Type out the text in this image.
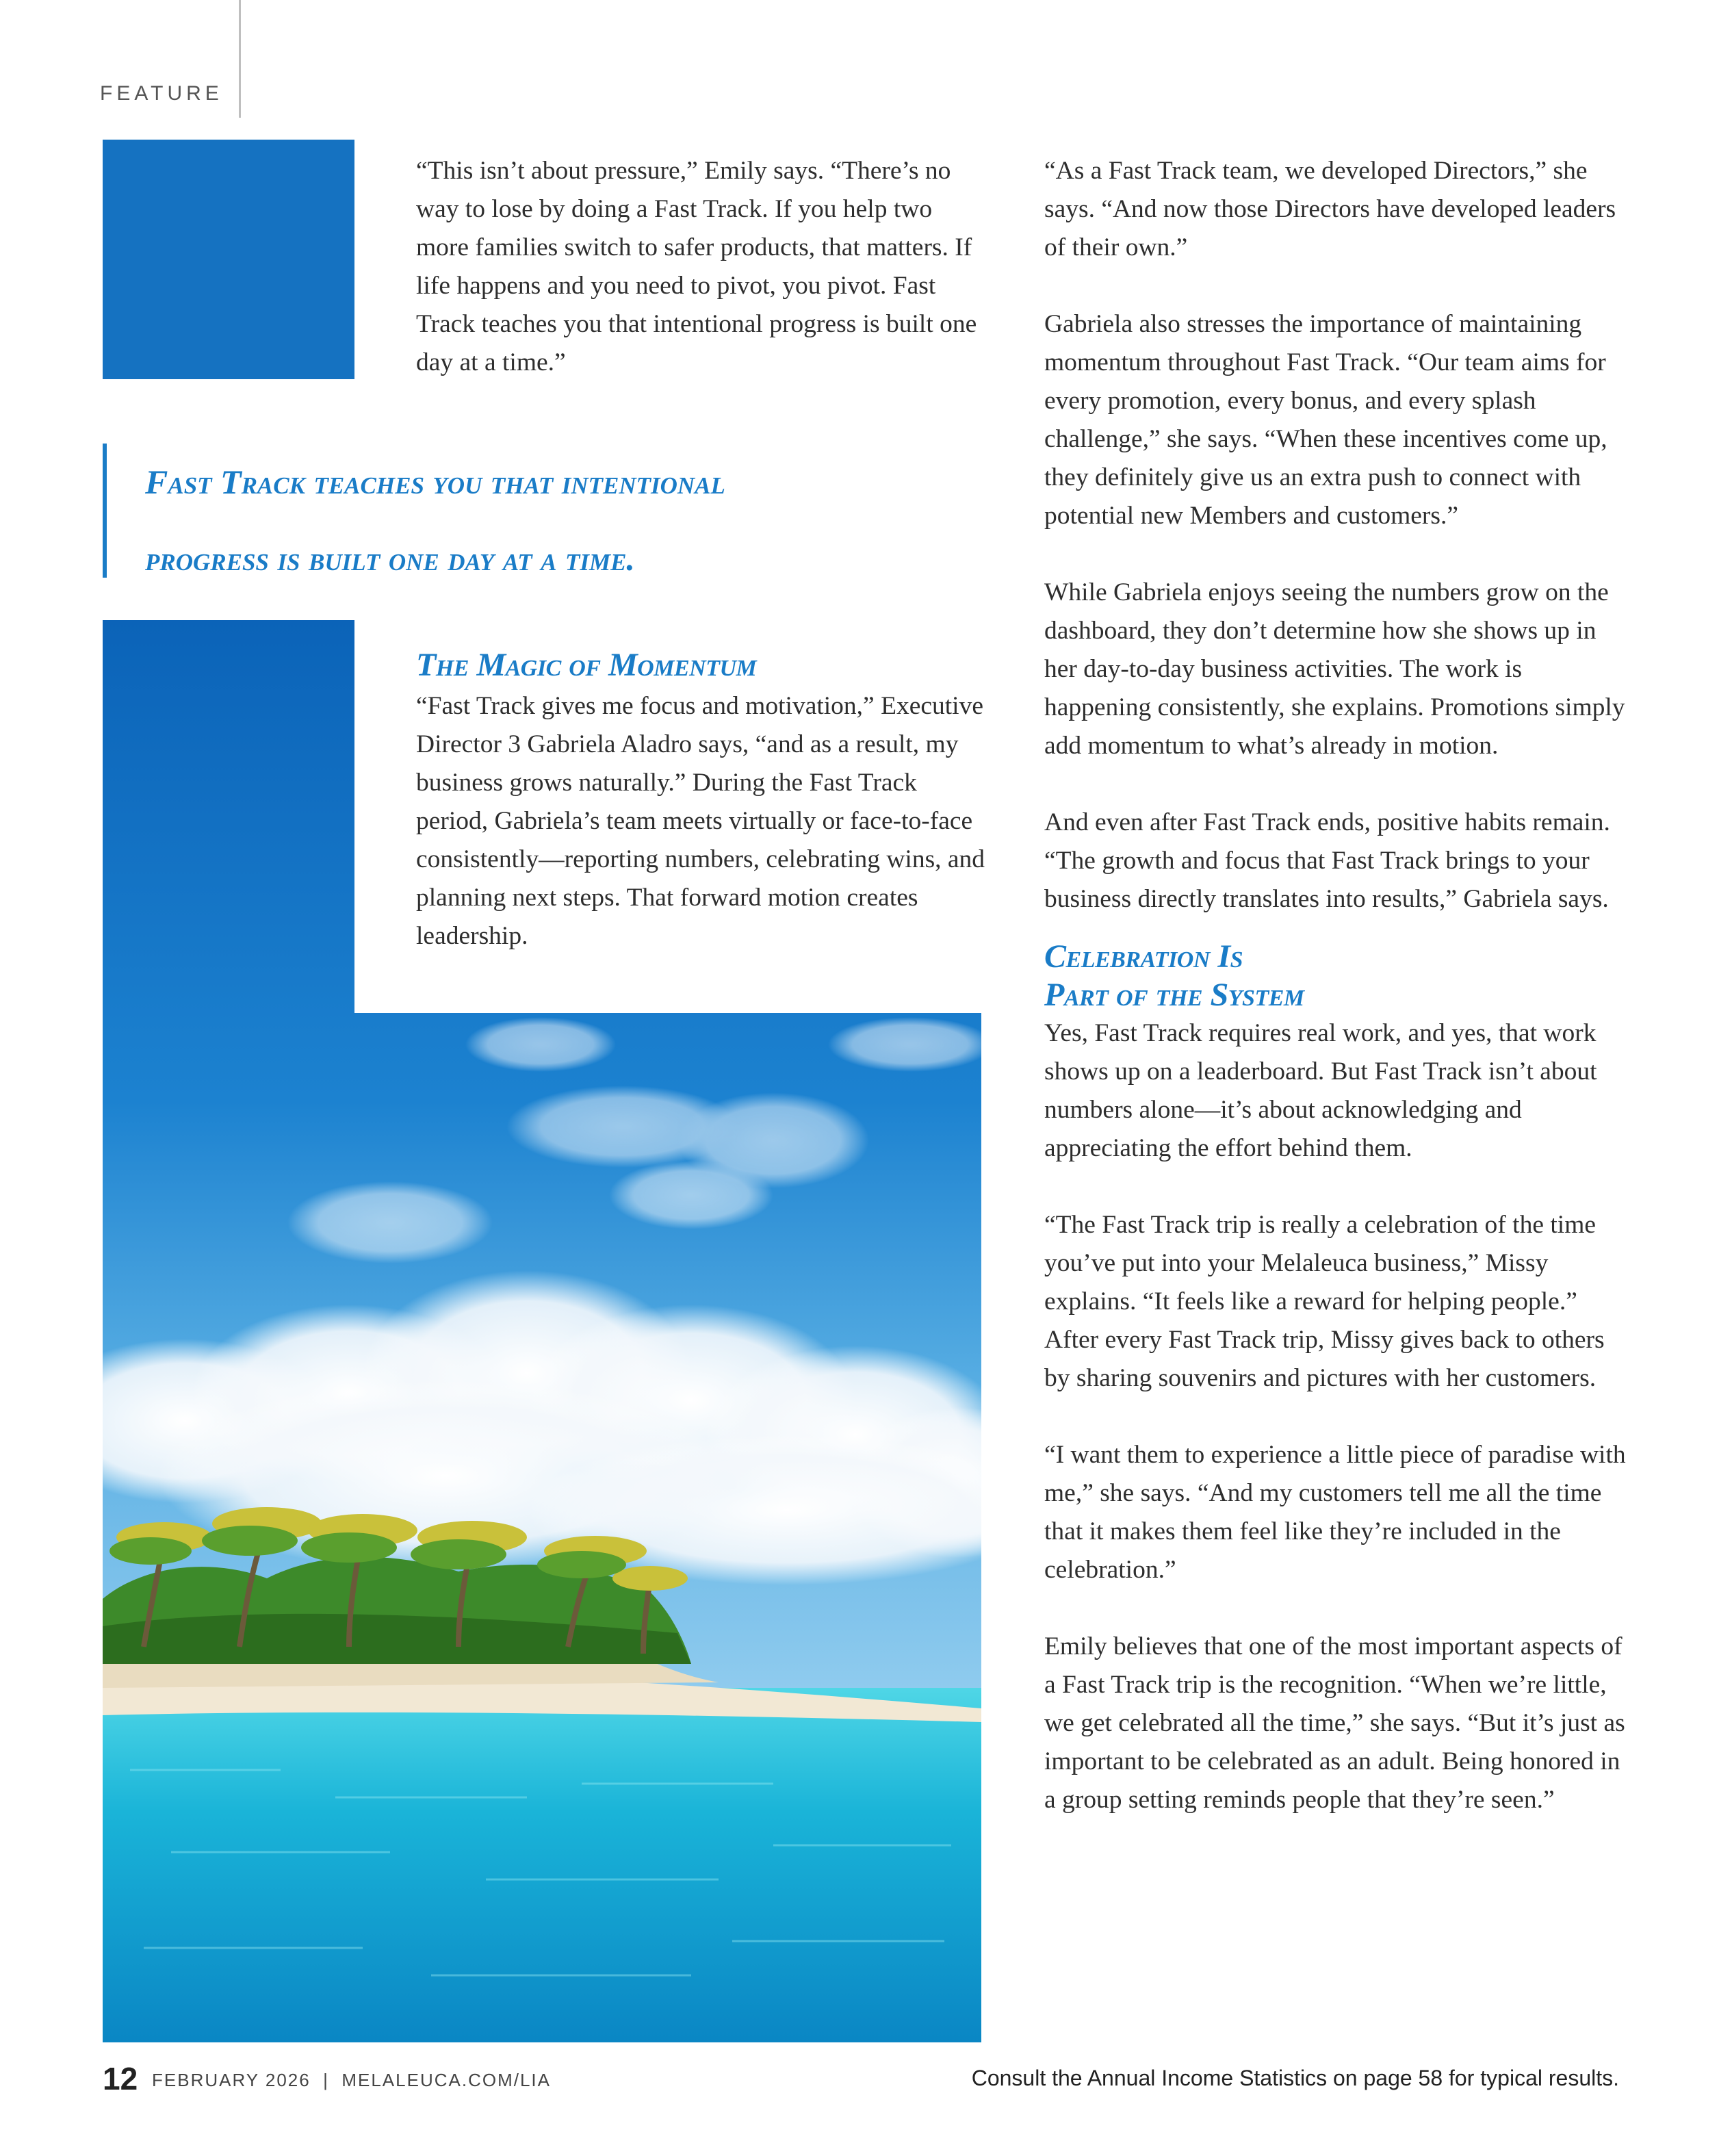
FEATURE

“This isn’t about pressure,” Emily says. “There’s no way to lose by doing a Fast Track. If you help two more families switch to safer products, that matters. If life happens and you need to pivot, you pivot. Fast Track teaches you that intentional progress is built one day at a time.”

Fast Track teaches you that intentional
progress is built one day at a time.
The Magic of Momentum

“Fast Track gives me focus and motivation,” Executive Director 3 Gabriela Aladro says, “and as a result, my business grows naturally.” During the Fast Track period, Gabriela’s team meets virtually or face-to-face consistently—reporting numbers, celebrating wins, and planning next steps. That forward motion creates leadership.

“As a Fast Track team, we developed Directors,” she says. “And now those Directors have developed leaders of their own.”

Gabriela also stresses the importance of maintaining momentum throughout Fast Track. “Our team aims for every promotion, every bonus, and every splash challenge,” she says. “When these incentives come up, they definitely give us an extra push to connect with potential new Members and customers.”

While Gabriela enjoys seeing the numbers grow on the dashboard, they don’t determine how she shows up in her day-to-day business activities. The work is happening consistently, she explains. Promotions simply add momentum to what’s already in motion.

And even after Fast Track ends, positive habits remain. “The growth and focus that Fast Track brings to your business directly translates into results,” Gabriela says.

Celebration Is
Part of the System

Yes, Fast Track requires real work, and yes, that work shows up on a leaderboard. But Fast Track isn’t about numbers alone—it’s about acknowledging and appreciating the effort behind them.

“The Fast Track trip is really a celebration of the time you’ve put into your Melaleuca business,” Missy explains. “It feels like a reward for helping people.” After every Fast Track trip, Missy gives back to others by sharing souvenirs and pictures with her customers.

“I want them to experience a little piece of paradise with me,” she says. “And my customers tell me all the time that it makes them feel like they’re included in the celebration.”

Emily believes that one of the most important aspects of a Fast Track trip is the recognition. “When we’re little, we get celebrated all the time,” she says. “But it’s just as important to be celebrated as an adult. Being honored in a group setting reminds people that they’re seen.”

12 FEBRUARY 2026  |  MELALEUCA.COM/LIA	Consult the Annual Income Statistics on page 58 for typical results.
